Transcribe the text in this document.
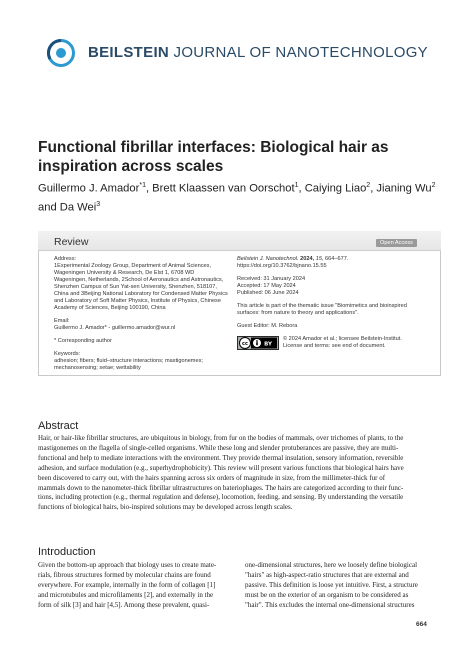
BEILSTEIN JOURNAL OF NANOTECHNOLOGY
Functional fibrillar interfaces: Biological hair as inspiration across scales
Guillermo J. Amador$^{*1}$, Brett Klaassen van Oorschot$^1$, Caiying Liao$^2$, Jianing Wu$^2$
and Da Wei$^3$
Review	Open Access
Address:
1Experimental Zoology Group, Department of Animal Sciences,
Wageningen University & Research, De Elst 1, 6708 WD
Wageningen, Netherlands, 2School of Aeronautics and Astronautics,
Shenzhen Campus of Sun Yat-sen University, Shenzhen, 518107,
China and 3Beijing National Laboratory for Condensed Matter Physics
and Laboratory of Soft Matter Physics, Institute of Physics, Chinese
Academy of Sciences, Beijing 100190, China
Email:
Guillermo J. Amador* - guillermo.amador@wur.nl
* Corresponding author
Keywords:
adhesion; fibers; fluid–structure interactions; mastigonemes;
mechanosensing; setae; wettability
Beilstein J. Nanotechnol. 2024, 15, 664–677.
https://doi.org/10.3762/bjnano.15.55
Received: 31 January 2024
Accepted: 17 May 2024
Published: 06 June 2024
This article is part of the thematic issue "Biomimetics and bioinspired
surfaces: from nature to theory and applications".
Guest Editor: M. Rebora
cc	BY
© 2024 Amador et al.; licensee Beilstein-Institut.
License and terms: see end of document.
Abstract
Hair, or hair-like fibrillar structures, are ubiquitous in biology, from fur on the bodies of mammals, over trichomes of plants, to the
mastigonemes on the flagella of single-celled organisms. While these long and slender protuberances are passive, they are multi-
functional and help to mediate interactions with the environment. They provide thermal insulation, sensory information, reversible
adhesion, and surface modulation (e.g., superhydrophobicity). This review will present various functions that biological hairs have
been discovered to carry out, with the hairs spanning across six orders of magnitude in size, from the millimeter-thick fur of
mammals down to the nanometer-thick fibrillar ultrastructures on bateriophages. The hairs are categorized according to their func-
tions, including protection (e.g., thermal regulation and defense), locomotion, feeding, and sensing. By understanding the versatile
functions of biological hairs, bio-inspired solutions may be developed across length scales.
Introduction
Given the bottom-up approach that biology uses to create mate-
rials, fibrous structures formed by molecular chains are found
everywhere. For example, internally in the form of collagen [1]
and microtubules and microfilaments [2], and externally in the
form of silk [3] and hair [4,5]. Among these prevalent, quasi-
one-dimensional structures, here we loosely define biological
"hairs" as high-aspect-ratio structures that are external and
passive. This definition is loose yet intuitive. First, a structure
must be on the exterior of an organism to be considered as
"hair". This excludes the internal one-dimensional structures
664
